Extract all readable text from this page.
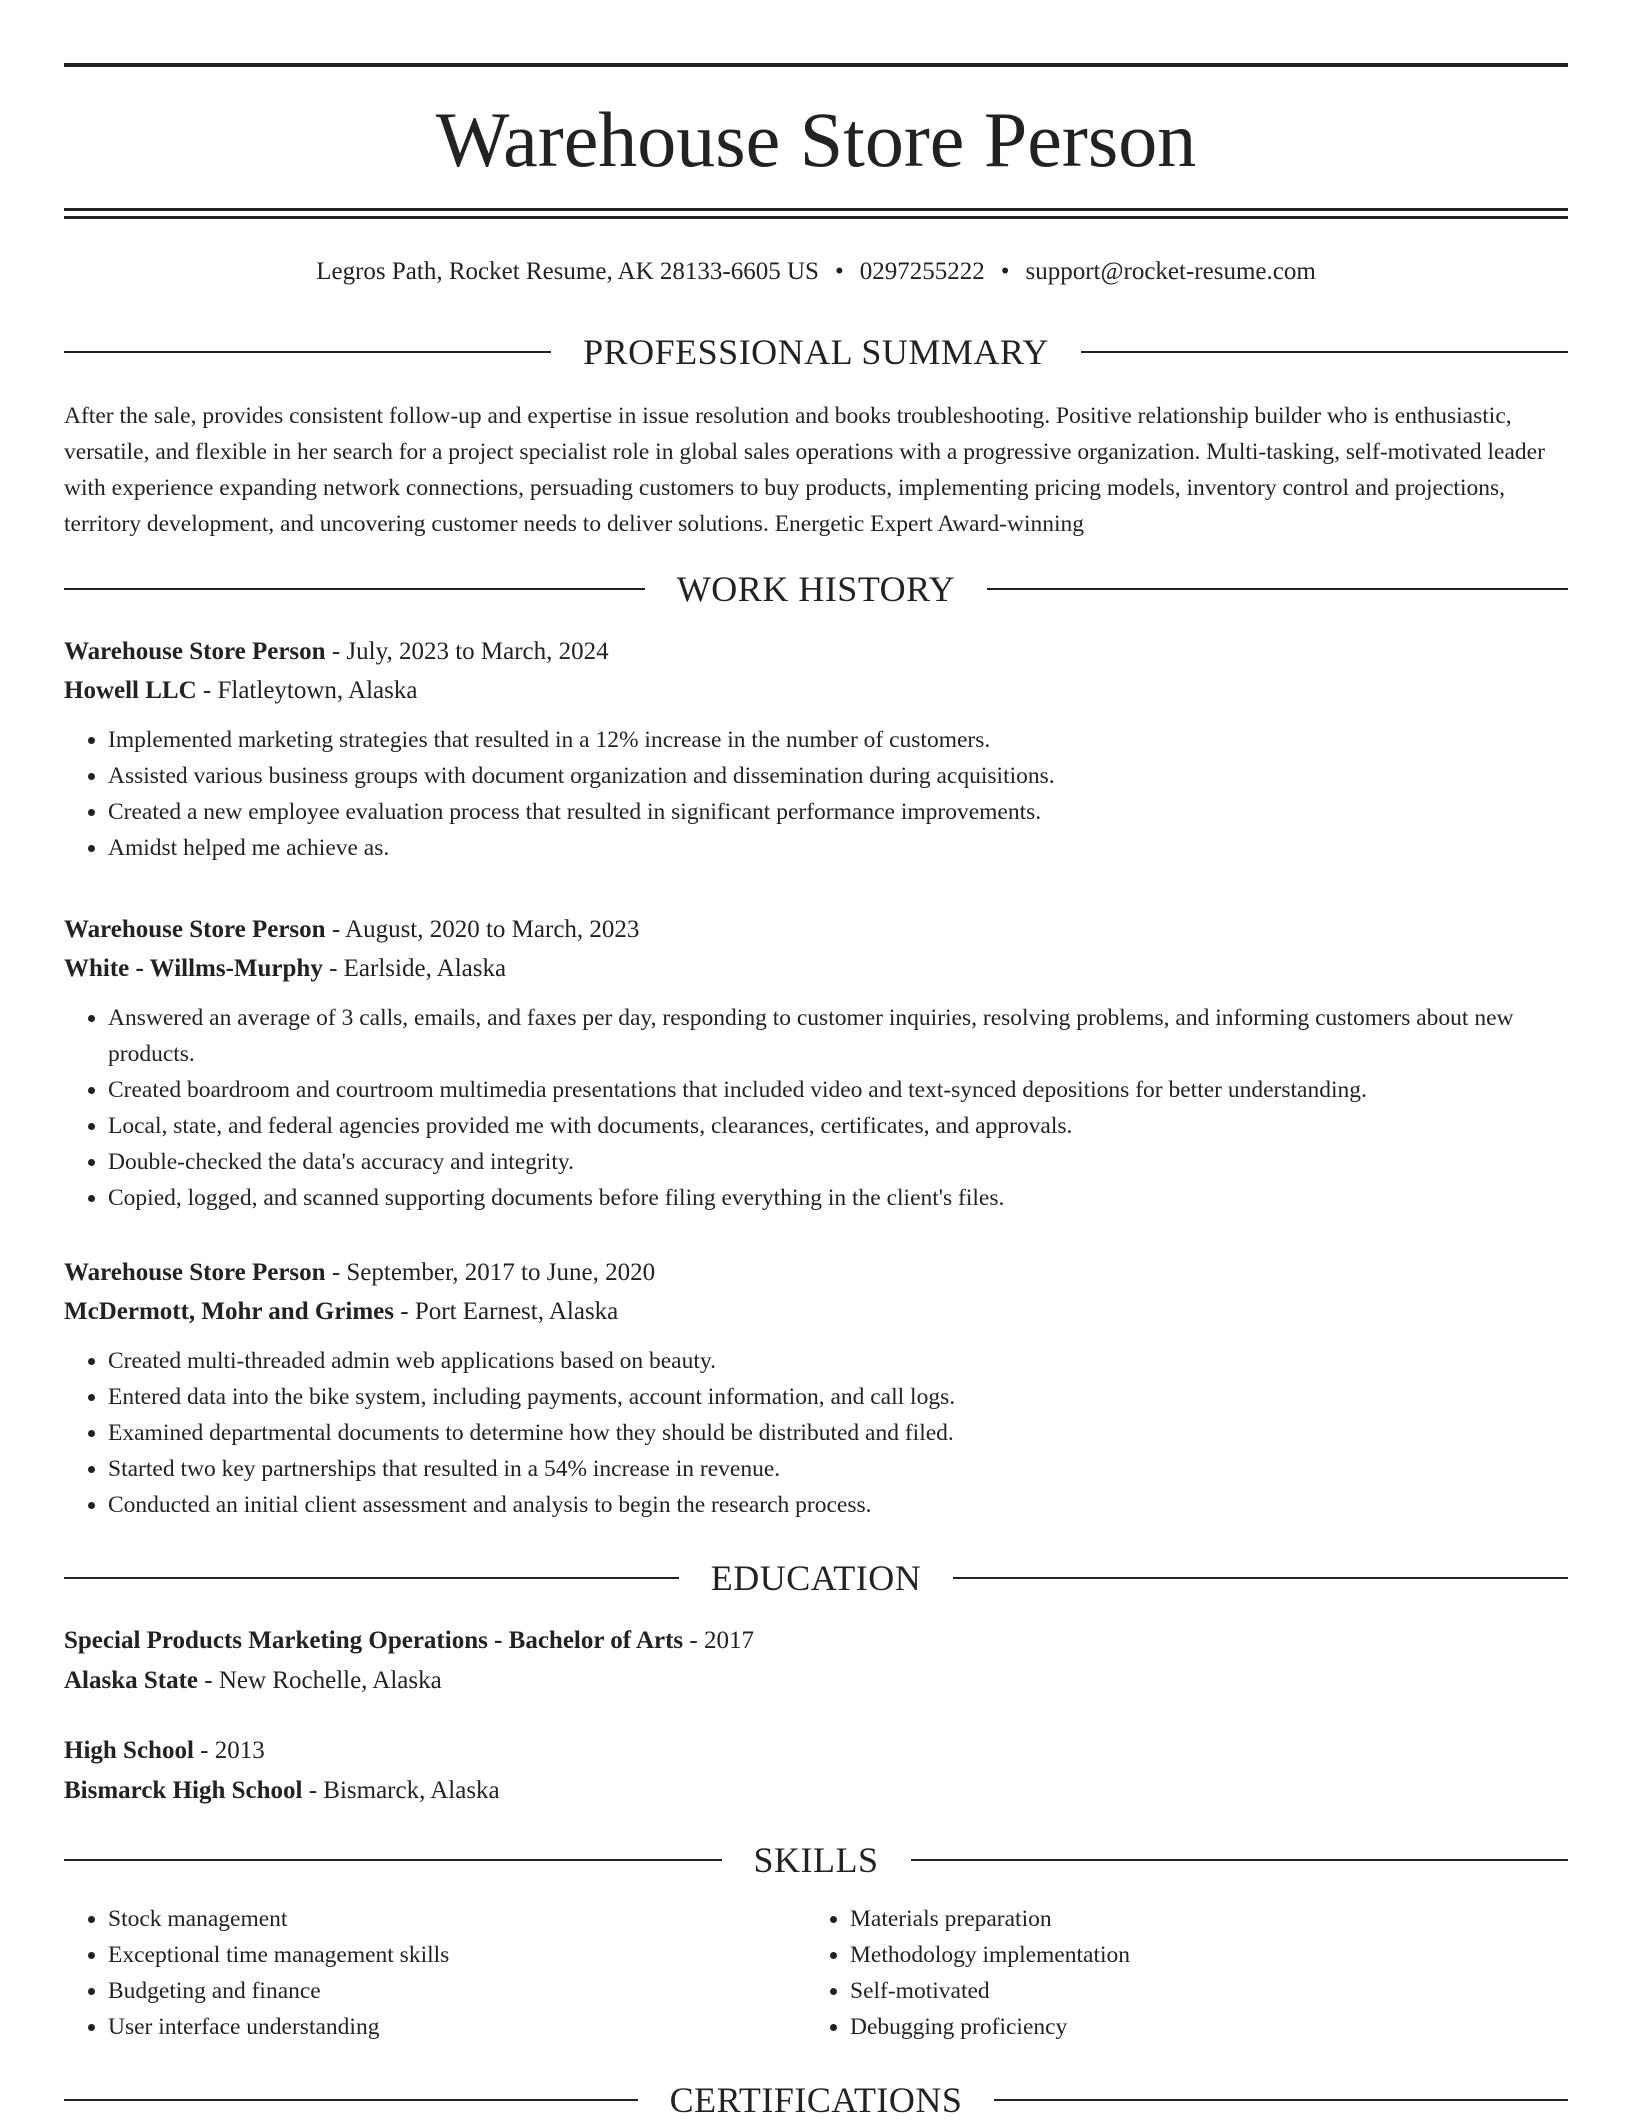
Warehouse Store Person
Legros Path, Rocket Resume, AK 28133-6605 US • 0297255222 • support@rocket-resume.com
PROFESSIONAL SUMMARY

After the sale, provides consistent follow-up and expertise in issue resolution and books troubleshooting. Positive relationship builder who is enthusiastic, versatile, and flexible in her search for a project specialist role in global sales operations with a progressive organization. Multi-tasking, self-motivated leader with experience expanding network connections, persuading customers to buy products, implementing pricing models, inventory control and projections, territory development, and uncovering customer needs to deliver solutions. Energetic Expert Award-winning

WORK HISTORY
Warehouse Store Person - July, 2023 to March, 2024
Howell LLC - Flatleytown, Alaska
• Implemented marketing strategies that resulted in a 12% increase in the number of customers.
• Assisted various business groups with document organization and dissemination during acquisitions.
• Created a new employee evaluation process that resulted in significant performance improvements.
• Amidst helped me achieve as.
Warehouse Store Person - August, 2020 to March, 2023
White - Willms-Murphy - Earlside, Alaska
• Answered an average of 3 calls, emails, and faxes per day, responding to customer inquiries, resolving problems, and informing customers about new products.
• Created boardroom and courtroom multimedia presentations that included video and text-synced depositions for better understanding.
• Local, state, and federal agencies provided me with documents, clearances, certificates, and approvals.
• Double-checked the data's accuracy and integrity.
• Copied, logged, and scanned supporting documents before filing everything in the client's files.
Warehouse Store Person - September, 2017 to June, 2020
McDermott, Mohr and Grimes - Port Earnest, Alaska
• Created multi-threaded admin web applications based on beauty.
• Entered data into the bike system, including payments, account information, and call logs.
• Examined departmental documents to determine how they should be distributed and filed.
• Started two key partnerships that resulted in a 54% increase in revenue.
• Conducted an initial client assessment and analysis to begin the research process.
EDUCATION
Special Products Marketing Operations - Bachelor of Arts - 2017
Alaska State - New Rochelle, Alaska
High School - 2013
Bismarck High School - Bismarck, Alaska
SKILLS
• Stock management
• Exceptional time management skills
• Budgeting and finance
• User interface understanding
• Materials preparation
• Methodology implementation
• Self-motivated
• Debugging proficiency
CERTIFICATIONS
